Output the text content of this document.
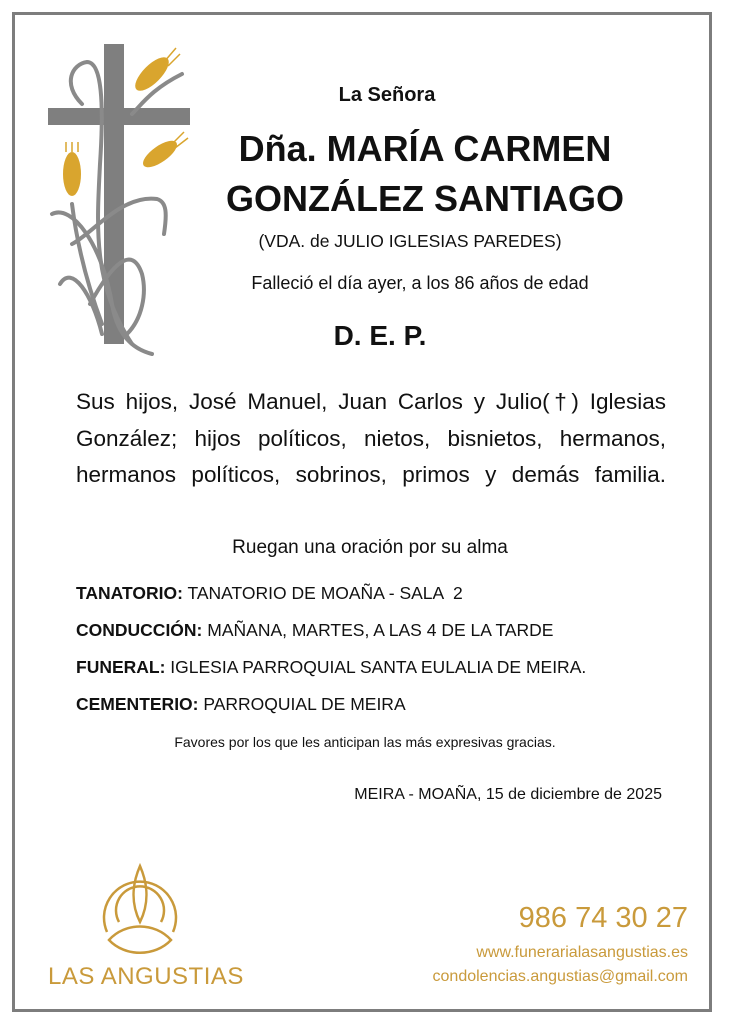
La Señora
Dña. MARÍA CARMEN
GONZÁLEZ SANTIAGO
(VDA. de JULIO IGLESIAS PAREDES)
Falleció el día ayer, a los 86 años de edad
D. E. P.
Sus hijos, José Manuel, Juan Carlos y Julio(†) Iglesias
González; hijos políticos, nietos, bisnietos, hermanos,
hermanos políticos, sobrinos, primos y demás familia.
Ruegan una oración por su alma
TANATORIO: TANATORIO DE MOAÑA - SALA  2
CONDUCCIÓN: MAÑANA, MARTES, A LAS 4 DE LA TARDE
FUNERAL: IGLESIA PARROQUIAL SANTA EULALIA DE MEIRA.
CEMENTERIO: PARROQUIAL DE MEIRA
Favores por los que les anticipan las más expresivas gracias.
MEIRA - MOAÑA, 15 de diciembre de 2025
LAS ANGUSTIAS
986 74 30 27
www.funerarialasangustias.es
condolencias.angustias@gmail.com
